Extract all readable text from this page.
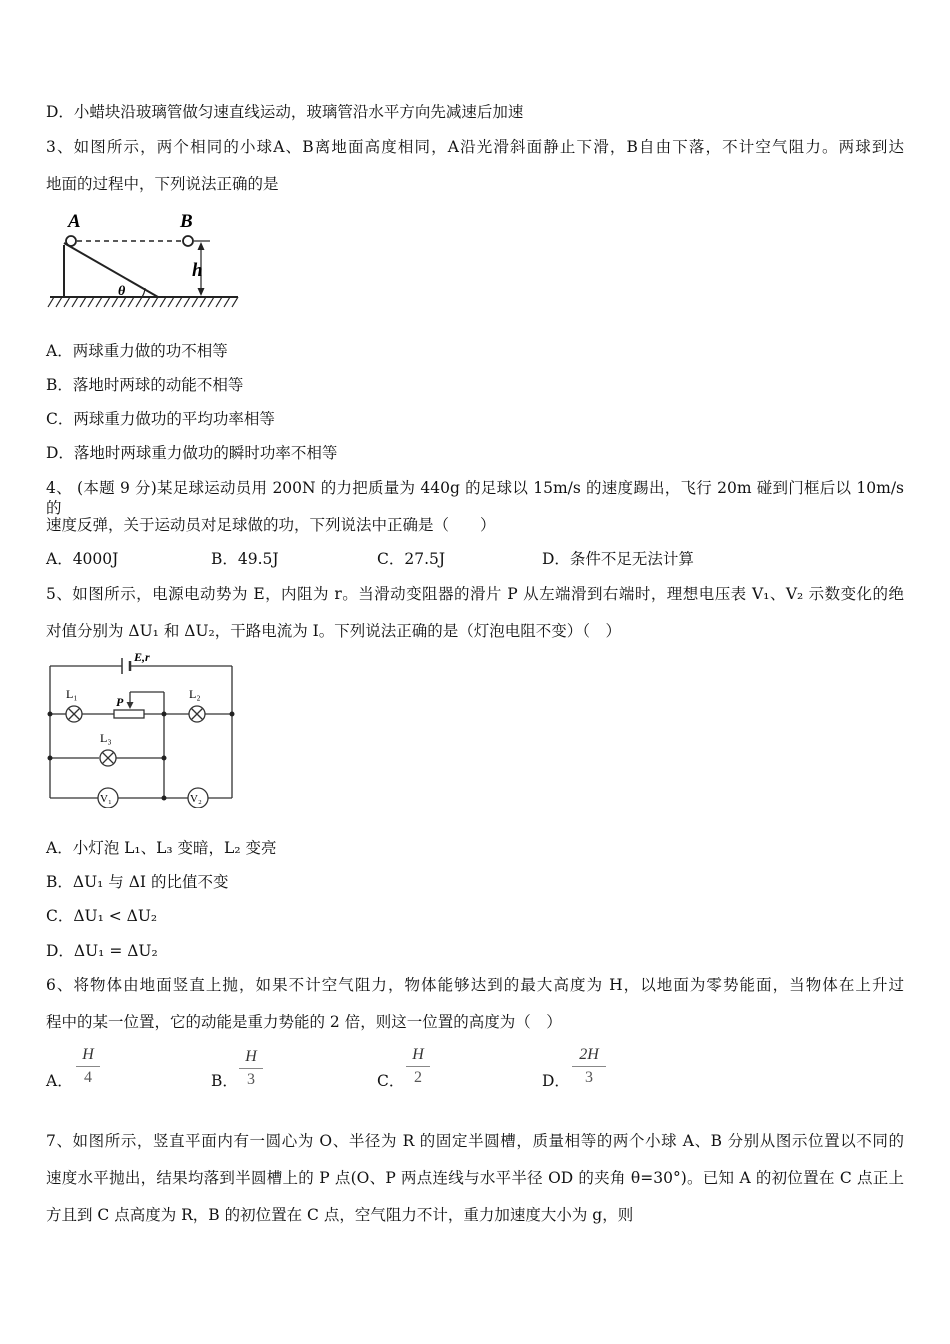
D．小蜡块沿玻璃管做匀速直线运动，玻璃管沿水平方向先减速后加速
3、如图所示，两个相同的小球A、B离地面高度相同，A沿光滑斜面静止下滑，B自由下落，不计空气阻力。两球到达
地面的过程中，下列说法正确的是
θ
A	B
h
A．两球重力做的功不相等
B．落地时两球的动能不相等
C．两球重力做功的平均功率相等
D．落地时两球重力做功的瞬时功率不相等
4、 (本题 9 分)某足球运动员用 200N 的力把质量为 440g 的足球以 15m/s 的速度踢出，飞行 20m 碰到门框后以 10m/s 的
速度反弹，关于运动员对足球做的功，下列说法中正确是（　　）
A．4000J	B．49.5J	C．27.5J	D．条件不足无法计算
5、如图所示，电源电动势为 E，内阻为 r。当滑动变阻器的滑片 P 从左端滑到右端时，理想电压表 V₁、V₂ 示数变化的绝
对值分别为 ΔU₁ 和 ΔU₂，干路电流为 I。下列说法正确的是（灯泡电阻不变）（　）
E,r
L₁	L₂
L₃
P
V₁	V₂
A．小灯泡 L₁、L₃ 变暗，L₂ 变亮
B．ΔU₁ 与 ΔI 的比值不变
C．ΔU₁ < ΔU₂
D．ΔU₁ = ΔU₂
6、将物体由地面竖直上抛，如果不计空气阻力，物体能够达到的最大高度为 H，以地面为零势能面，当物体在上升过
程中的某一位置，它的动能是重力势能的 2 倍，则这一位置的高度为（　）
A．
H
4	B．
H
3	C．
H
2	D．
2H
3
7、如图所示，竖直平面内有一圆心为 O、半径为 R 的固定半圆槽，质量相等的两个小球 A、B 分别从图示位置以不同的
速度水平抛出，结果均落到半圆槽上的 P 点(O、P 两点连线与水平半径 OD 的夹角 θ=30°)。已知 A 的初位置在 C 点正上
方且到 C 点高度为 R，B 的初位置在 C 点，空气阻力不计，重力加速度大小为 g，则
